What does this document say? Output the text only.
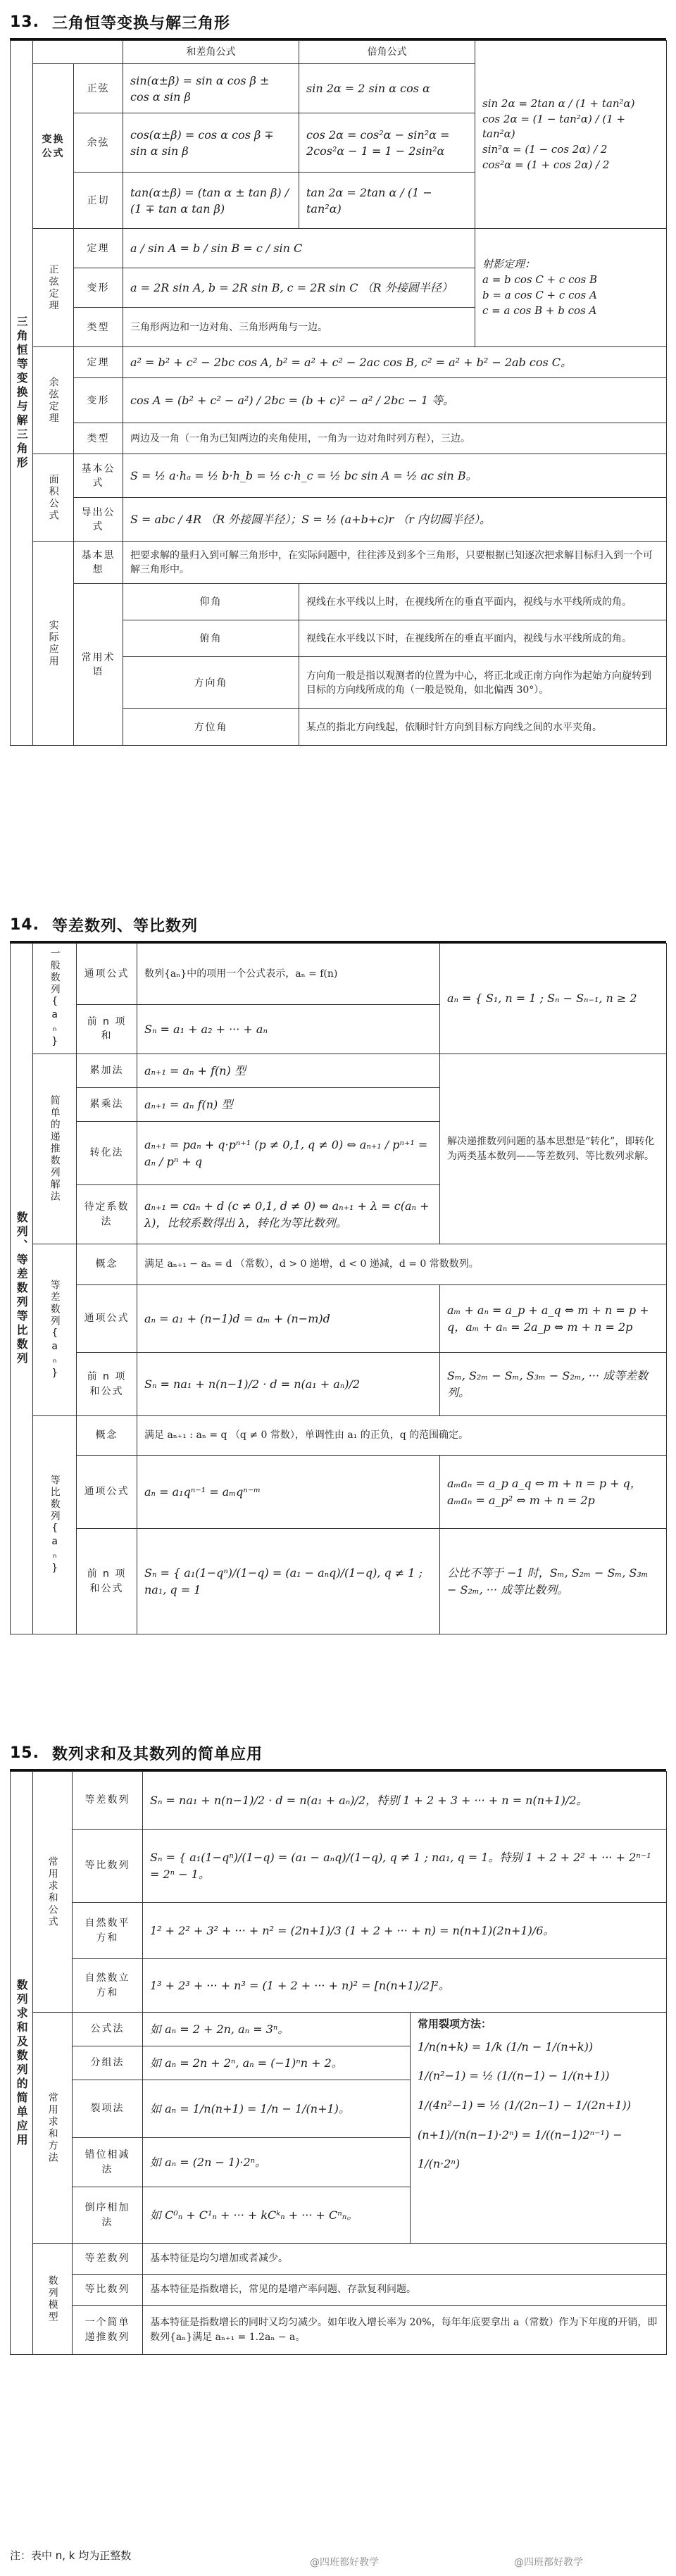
13. 三角恒等变换与解三角形
三角恒等变换与解三角形			和差角公式	倍角公式	sin 2α = 2tan α / (1 + tan²α)
cos 2α = (1 − tan²α) / (1 + tan²α)
sin²α = (1 − cos 2α) / 2
cos²α = (1 + cos 2α) / 2
	变换公式	正弦	sin(α±β) = sin α cos β ± cos α sin β	sin 2α = 2 sin α cos α	
		余弦	cos(α±β) = cos α cos β ∓ sin α sin β	cos 2α = cos²α − sin²α = 2cos²α − 1 = 1 − 2sin²α	
		正切	tan(α±β) = (tan α ± tan β) / (1 ∓ tan α tan β)	tan 2α = 2tan α / (1 − tan²α)	
	正弦定理	定理	a / sin A = b / sin B = c / sin C		射影定理：
a = b cos C + c cos B
b = a cos C + c cos A
c = a cos B + b cos A
		变形	a = 2R sin A, b = 2R sin B, c = 2R sin C （R 外接圆半径）		
		类型	三角形两边和一边对角、三角形两角与一边。		
	余弦定理	定理	a² = b² + c² − 2bc cos A, b² = a² + c² − 2ac cos B, c² = a² + b² − 2ab cos C。		
		变形	cos A = (b² + c² − a²) / 2bc = (b + c)² − a² / 2bc − 1 等。		
		类型	两边及一角（一角为已知两边的夹角使用，一角为一边对角时列方程），三边。		
	面积公式	基本公式	S = ½ a·hₐ = ½ b·h_b = ½ c·h_c = ½ bc sin A = ½ ac sin B。		
		导出公式	S = abc / 4R （R 外接圆半径）；S = ½ (a+b+c)r （r 内切圆半径）。		
	实际应用	基本思想	把要求解的量归入到可解三角形中，在实际问题中，往往涉及到多个三角形，只要根据已知逐次把求解目标归入到一个可解三角形中。		
		常用术语	仰角	视线在水平线以上时，在视线所在的垂直平面内，视线与水平线所成的角。	
			俯角	视线在水平线以下时，在视线所在的垂直平面内，视线与水平线所成的角。	
			方向角	方向角一般是指以观测者的位置为中心，将正北或正南方向作为起始方向旋转到目标的方向线所成的角（一般是锐角，如北偏西 30°）。	
			方位角	某点的指北方向线起，依顺时针方向到目标方向线之间的水平夹角。	
14. 等差数列、等比数列
数列、等差数列等比数列	一般数列{aₙ}	通项公式	数列{aₙ}中的项用一个公式表示，aₙ = f(n)	aₙ = { S₁, n = 1 ; Sₙ − Sₙ₋₁, n ≥ 2
		前 n 项和	Sₙ = a₁ + a₂ + ··· + aₙ	
	简单的递推数列解法	累加法	aₙ₊₁ = aₙ + f(n) 型	解决递推数列问题的基本思想是“转化”，即转化为两类基本数列——等差数列、等比数列求解。
		累乘法	aₙ₊₁ = aₙ f(n) 型	
		转化法	aₙ₊₁ = paₙ + q·pⁿ⁺¹ (p ≠ 0,1, q ≠ 0) ⇔ aₙ₊₁ / pⁿ⁺¹ = aₙ / pⁿ + q	
		待定系数法	aₙ₊₁ = caₙ + d (c ≠ 0,1, d ≠ 0) ⇔ aₙ₊₁ + λ = c(aₙ + λ)，比较系数得出 λ，转化为等比数列。	
	等差数列{aₙ}	概念	满足 aₙ₊₁ − aₙ = d （常数），d > 0 递增，d < 0 递减，d = 0 常数数列。	
		通项公式	aₙ = a₁ + (n−1)d = aₘ + (n−m)d	aₘ + aₙ = a_p + a_q ⇔ m + n = p + q，aₘ + aₙ = 2a_p ⇔ m + n = 2p
		前 n 项和公式	Sₙ = na₁ + n(n−1)/2 · d = n(a₁ + aₙ)/2	Sₘ, S₂ₘ − Sₘ, S₃ₘ − S₂ₘ, ··· 成等差数列。
	等比数列{aₙ}	概念	满足 aₙ₊₁ : aₙ = q （q ≠ 0 常数），单调性由 a₁ 的正负，q 的范围确定。	
		通项公式	aₙ = a₁qⁿ⁻¹ = aₘqⁿ⁻ᵐ	aₘaₙ = a_p a_q ⇔ m + n = p + q，aₘaₙ = a_p² ⇔ m + n = 2p
		前 n 项和公式	Sₙ = { a₁(1−qⁿ)/(1−q) = (a₁ − aₙq)/(1−q), q ≠ 1 ; na₁, q = 1	公比不等于 −1 时，Sₘ, S₂ₘ − Sₘ, S₃ₘ − S₂ₘ, ··· 成等比数列。
15. 数列求和及其数列的简单应用
数列求和及数列的简单应用	常用求和公式	等差数列	Sₙ = na₁ + n(n−1)/2 · d = n(a₁ + aₙ)/2，特别 1 + 2 + 3 + ··· + n = n(n+1)/2。	
		等比数列	Sₙ = { a₁(1−qⁿ)/(1−q) = (a₁ − aₙq)/(1−q), q ≠ 1 ; na₁, q = 1。特别 1 + 2 + 2² + ··· + 2ⁿ⁻¹ = 2ⁿ − 1。	
		自然数平方和	1² + 2² + 3² + ··· + n² = (2n+1)/3 (1 + 2 + ··· + n) = n(n+1)(2n+1)/6。	
		自然数立方和	1³ + 2³ + ··· + n³ = (1 + 2 + ··· + n)² = [n(n+1)/2]²。	
	常用求和方法	公式法	如 aₙ = 2 + 2n, aₙ = 3ⁿ。	常用裂项方法：
1/n(n+k) = 1/k (1/n − 1/(n+k))
1/(n²−1) = ½ (1/(n−1) − 1/(n+1))
1/(4n²−1) = ½ (1/(2n−1) − 1/(2n+1))
(n+1)/(n(n−1)·2ⁿ) = 1/((n−1)2ⁿ⁻¹) − 1/(n·2ⁿ)

		分组法	如 aₙ = 2n + 2ⁿ, aₙ = (−1)ⁿn + 2。	
		裂项法	如 aₙ = 1/n(n+1) = 1/n − 1/(n+1)。	
		错位相减法	如 aₙ = (2n − 1)·2ⁿ。	
		倒序相加法	如 C⁰ₙ + C¹ₙ + ··· + kCᵏₙ + ··· + Cⁿₙ。	
	数列模型	等差数列	基本特征是均匀增加或者减少。	
		等比数列	基本特征是指数增长，常见的是增产率问题、存款复利问题。	
		一个简单递推数列	基本特征是指数增长的同时又均匀减少。如年收入增长率为 20%，每年年底要拿出 a（常数）作为下年度的开销，即数列{aₙ}满足 aₙ₊₁ = 1.2aₙ − a。	
注：表中 n, k 均为正整数
@四班都好教学	@四班都好教学
